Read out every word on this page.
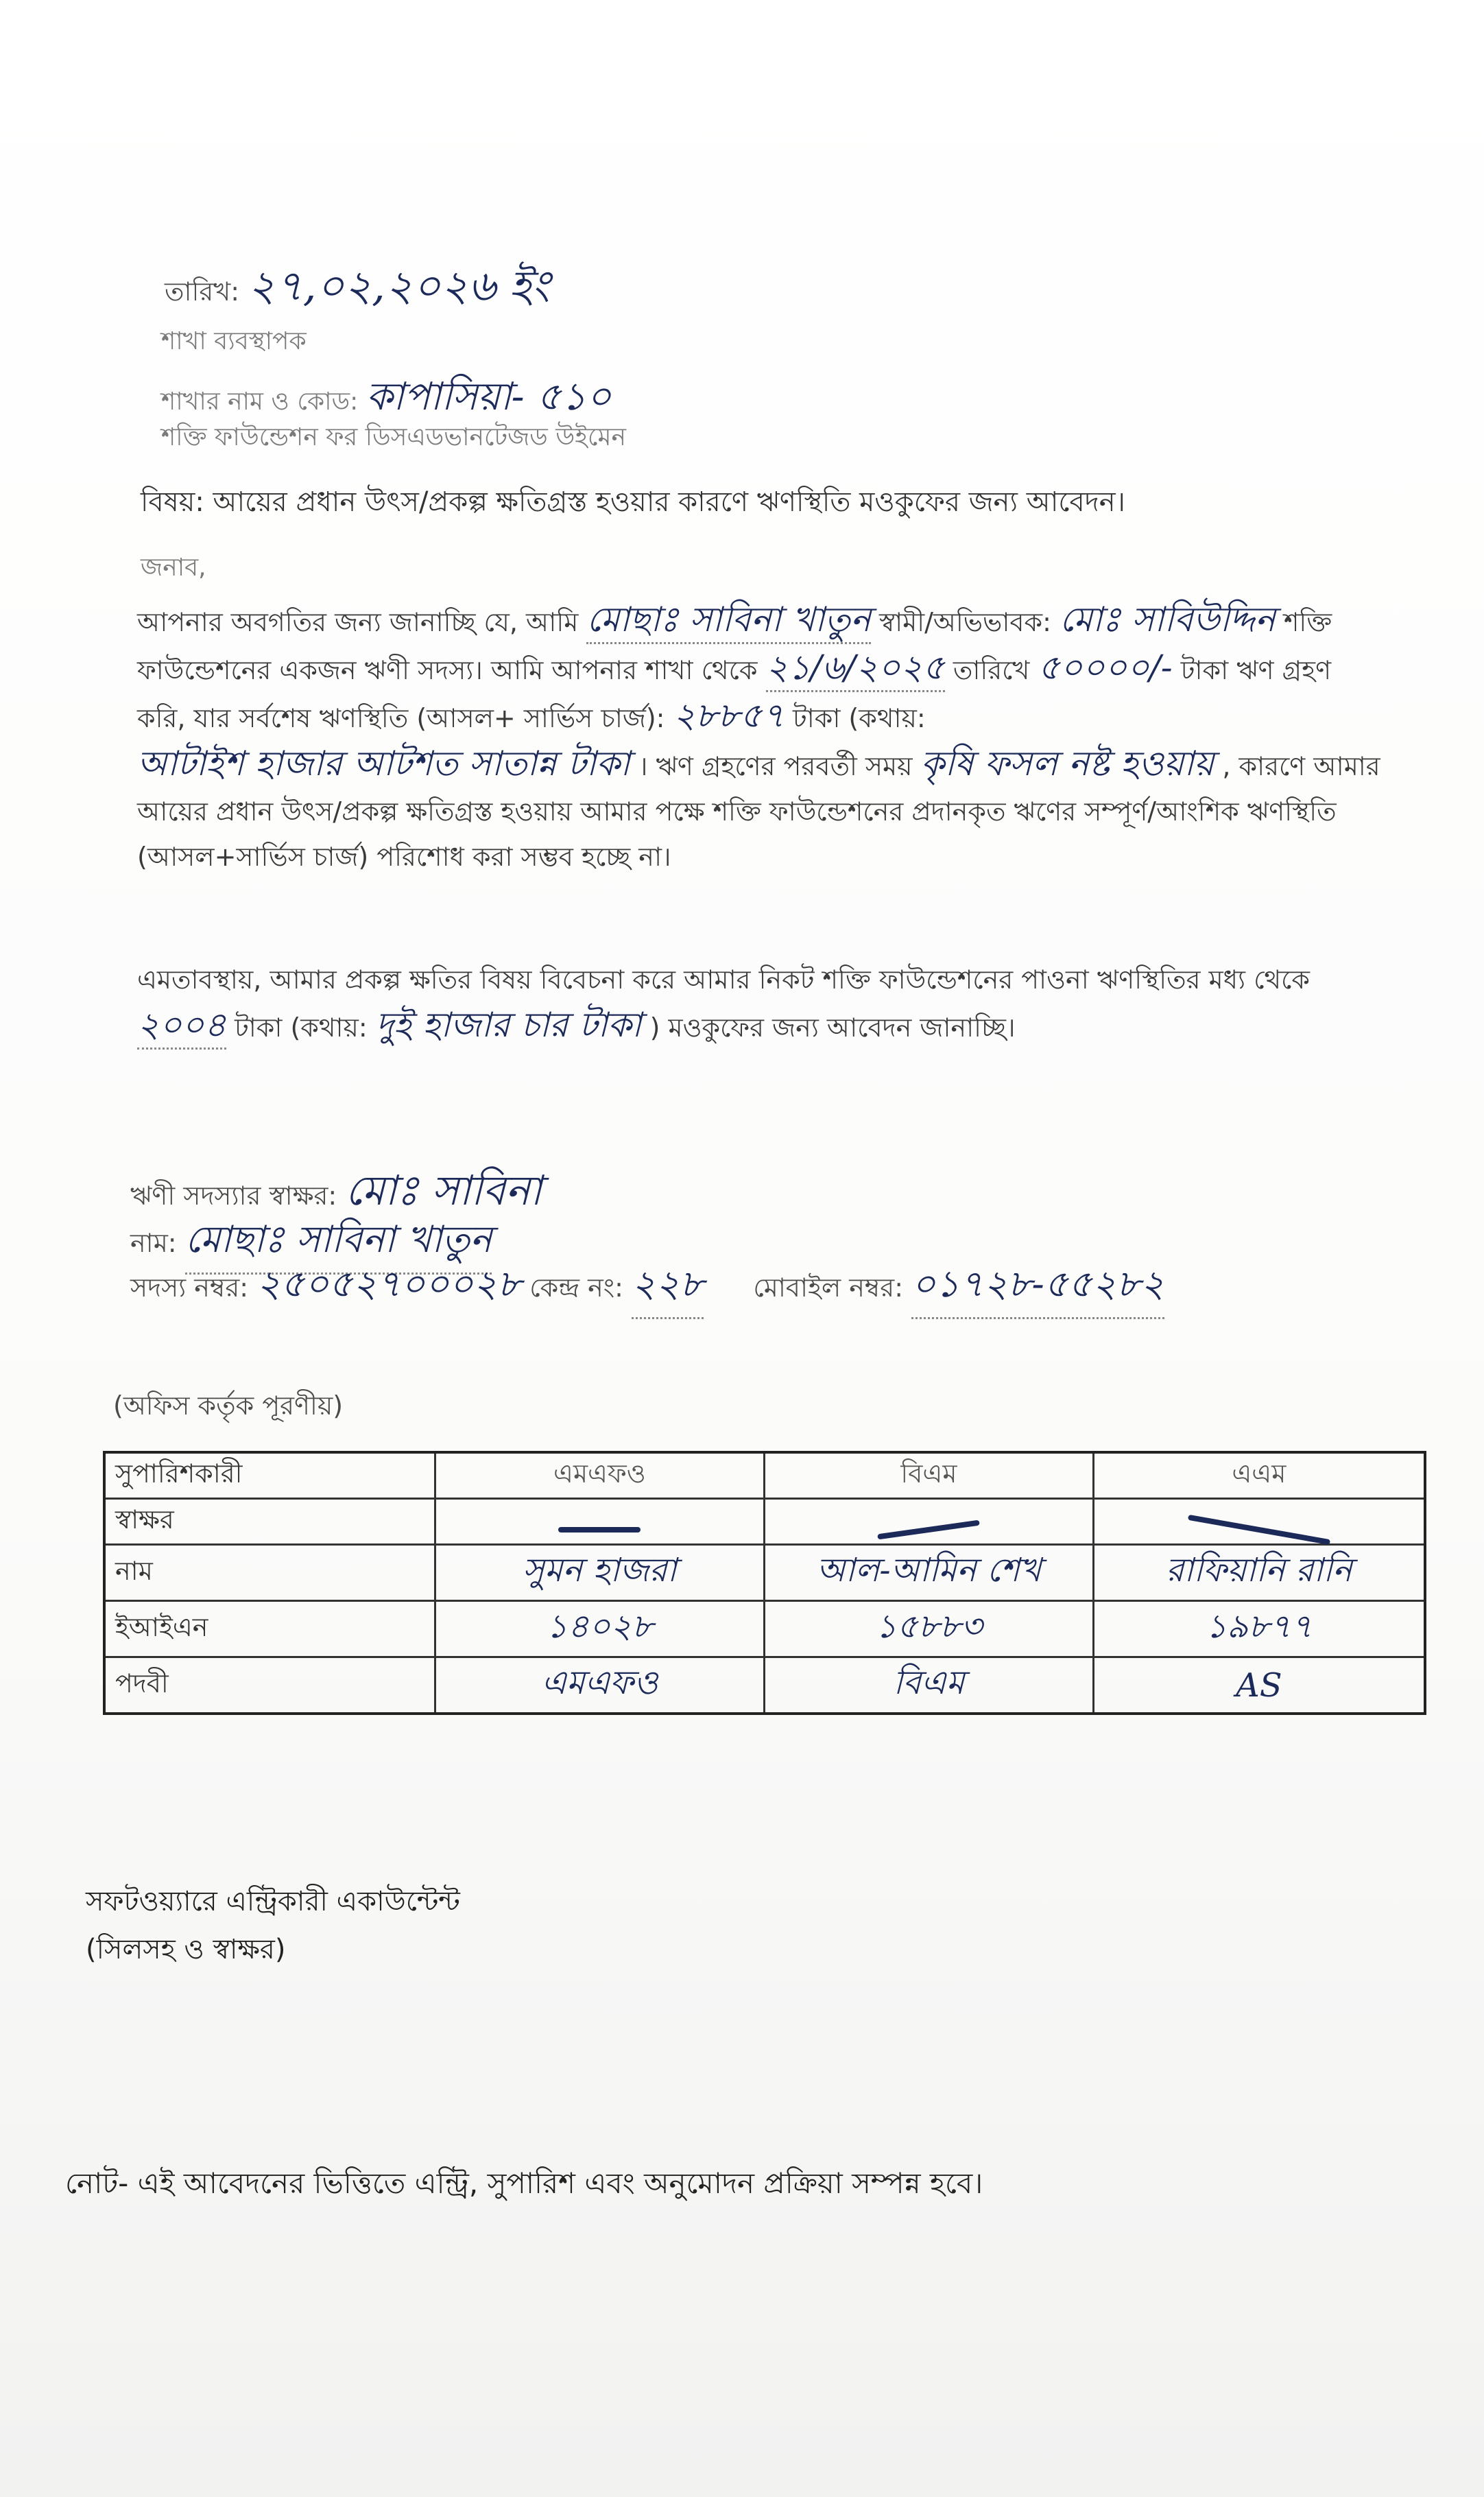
তারিখ: ২৭,০২,২০২৬ ইং
শাখা ব্যবস্থাপক
শাখার নাম ও কোড: কাপাসিয়া- ৫১০
শক্তি ফাউন্ডেশন ফর ডিসএডভানটেজড উইমেন
বিষয়: আয়ের প্রধান উৎস/প্রকল্প ক্ষতিগ্রস্ত হওয়ার কারণে ঋণস্থিতি মওকুফের জন্য আবেদন।
জনাব,
আপনার অবগতির জন্য জানাচ্ছি যে, আমি মোছাঃ সাবিনা খাতুন স্বামী/অভিভাবক: মোঃ সাবিউদ্দিন শক্তি ফাউন্ডেশনের একজন ঋণী সদস্য। আমি আপনার শাখা থেকে ২১/৬/২০২৫ তারিখে ৫০০০০/- টাকা ঋণ গ্রহণ করি, যার সর্বশেষ ঋণস্থিতি (আসল+ সার্ভিস চার্জ): ২৮৮৫৭ টাকা (কথায়: আটাইশ হাজার আটশত সাতান্ন টাকা । ঋণ গ্রহণের পরবর্তী সময় কৃষি ফসল নষ্ট হওয়ায় , কারণে আমার আয়ের প্রধান উৎস/প্রকল্প ক্ষতিগ্রস্ত হওয়ায় আমার পক্ষে শক্তি ফাউন্ডেশনের প্রদানকৃত ঋণের সম্পূর্ণ/আংশিক ঋণস্থিতি (আসল+সার্ভিস চার্জ) পরিশোধ করা সম্ভব হচ্ছে না।
এমতাবস্থায়, আমার প্রকল্প ক্ষতির বিষয় বিবেচনা করে আমার নিকট শক্তি ফাউন্ডেশনের পাওনা ঋণস্থিতির মধ্য থেকে ২০০৪ টাকা (কথায়: দুই হাজার চার টাকা ) মওকুফের জন্য আবেদন জানাচ্ছি।
ঋণী সদস্যার স্বাক্ষর: মোঃ সাবিনা
নাম: মোছাঃ সাবিনা খাতুন
সদস্য নম্বর: ২৫০৫২৭০০০২৮ কেন্দ্র নং: ২২৮ মোবাইল নম্বর: ০১৭২৮-৫৫২৮২
(অফিস কর্তৃক পূরণীয়)
সুপারিশকারী	এমএফও	বিএম	এএম
স্বাক্ষর			
নাম	সুমন হাজরা	আল-আমিন শেখ	রাফিয়ানি রানি
ইআইএন	১৪০২৮	১৫৮৮৩	১৯৮৭৭
পদবী	এমএফও	বিএম	AS
সফটওয়্যারে এন্ট্রিকারী একাউন্টেন্ট
(সিলসহ ও স্বাক্ষর)
নোট- এই আবেদনের ভিত্তিতে এন্ট্রি, সুপারিশ এবং অনুমোদন প্রক্রিয়া সম্পন্ন হবে।
